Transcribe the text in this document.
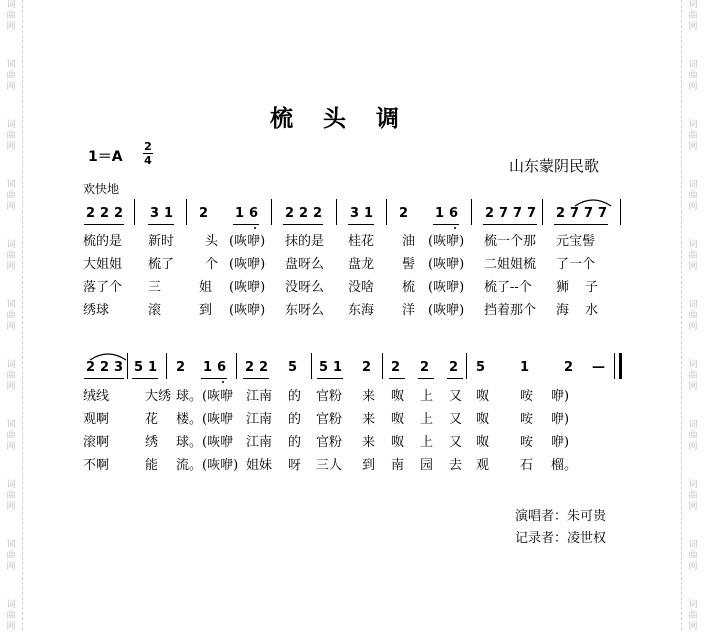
词
曲
网
词
曲
网
词
曲
网
词
曲
网
词
曲
网
词
曲
网
词
曲
网
词
曲
网
词
曲
网
词
曲
网
词
曲
网
词
曲
网
词
曲
网
词
曲
网
词
曲
网
词
曲
网
词
曲
网
词
曲
网
词
曲
网
词
曲
网
词
曲
网
词
曲
网
梳头调
$1=A \frac{2}{4}$	山东蒙阴民歌
欢快地
2 2 2 3 1 2 1 6 2 2 2 3 1 2 1 6 2 7 7 7 2 7 7 7
梳的是 新时 头 (咴咿) 抹的是 桂花 油 (咴咿) 梳一个那 元宝髻
大姐姐 梳了 个 (咴咿) 盘呀么 盘龙 髻 (咴咿) 二姐姐梳 了一个
落了个 三	姐 (咴咿) 没呀么 没啥 梳 (咴咿) 梳了--个 狮 子
绣球	滚	到 (咴咿) 东呀么 东海 洋 (咴咿) 挡着那个 海 水
2 2 3 5 1 2 1 6 2 2 5 5 1 2 2 2 2 5	1	2 —
绒线	大绣 球。(咴咿 江南 的 官粉 来 呶 上 又 呶 咹 咿)
观啊	花 楼。(咴咿 江南 的 官粉 来 呶 上 又 呶 咹 咿)
滚啊	绣 球。(咴咿 江南 的 官粉 来 呶 上 又 呶 咹 咿)
不啊	能 流。(咴咿) 姐妹 呀 三人 到 南 园 去 观 石 榴。
演唱者：朱可贵
记录者：凌世权
